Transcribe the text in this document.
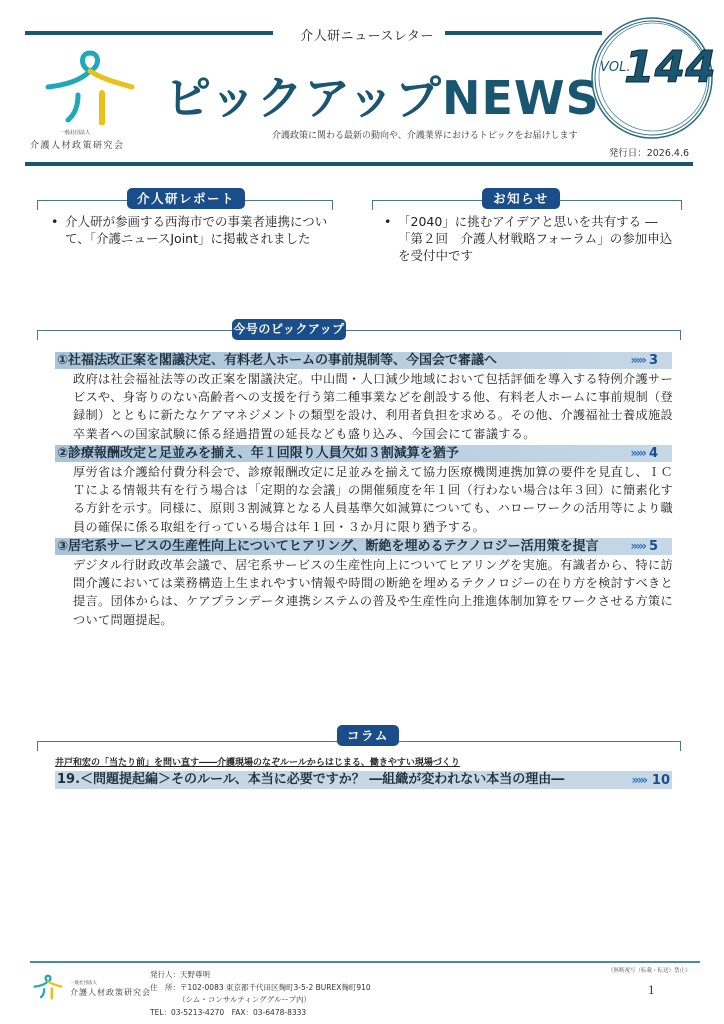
介人研ニュースレター
一般社団法人
介護人材政策研究会
ピックアップNEWS
介護政策に関わる最新の動向や、介護業界におけるトピックをお届けします
VOL.
144
発行日：2026.4.6
介人研レポート
• 介人研が参画する西海市での事業者連携につい
て、「介護ニュースJoint」に掲載されました
お知らせ
• 「2040」に挑むアイデアと思いを共有する ―
「第２回　介護人材戦略フォーラム」の参加申込
を受付中です
今号のピックアップ
①社福法改正案を閣議決定、有料老人ホームの事前規制等、今国会で審議へ	»»› 3
政府は社会福祉法等の改正案を閣議決定。中山間・人口減少地域において包括評価を導入する特例介護サービスや、身寄りのない高齢者への支援を行う第二種事業などを創設する他、有料老人ホームに事前規制（登録制）とともに新たなケアマネジメントの類型を設け、利用者負担を求める。その他、介護福祉士養成施設卒業者への国家試験に係る経過措置の延長なども盛り込み、今国会にて審議する。
②診療報酬改定と足並みを揃え、年１回限り人員欠如３割減算を猶予	»»› 4
厚労省は介護給付費分科会で、診療報酬改定に足並みを揃えて協力医療機関連携加算の要件を見直し、ＩＣＴによる情報共有を行う場合は「定期的な会議」の開催頻度を年１回（行わない場合は年３回）に簡素化する方針を示す。同様に、原則３割減算となる人員基準欠如減算についても、ハローワークの活用等により職員の確保に係る取組を行っている場合は年１回・３か月に限り猶予する。
③居宅系サービスの生産性向上についてヒアリング、断絶を埋めるテクノロジー活用策を提言	»»› 5
デジタル行財政改革会議で、居宅系サービスの生産性向上についてヒアリングを実施。有識者から、特に訪問介護においては業務構造上生まれやすい情報や時間の断絶を埋めるテクノロジーの在り方を検討すべきと提言。団体からは、ケアプランデータ連携システムの普及や生産性向上推進体制加算をワークさせる方策について問題提起。
コラム
井戸和宏の「当たり前」を問い直す――介護現場のなぞルールからはじまる、働きやすい現場づくり
19.＜問題提起編＞そのルール、本当に必要ですか？ ―組織が変われない本当の理由―	»»› 10
一般社団法人
介護人材政策研究会
発行人：天野尊明
住　所：〒102-0083 東京都千代田区麹町3-5-2 BUREX麹町910
（シム・コンサルティンググループ内）
TEL：03-5213-4270　FAX：03-6478-8333
《無断複写（転載・転送）禁止》
1
